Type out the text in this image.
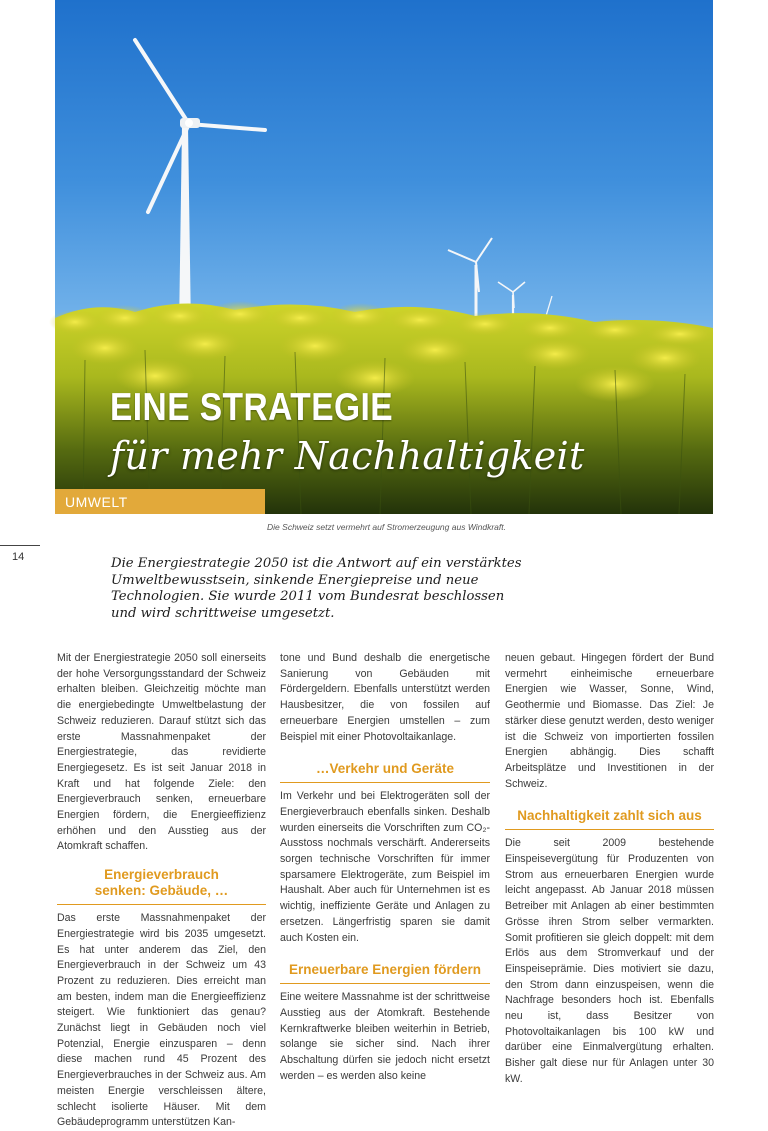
EINE STRATEGIE
für mehr Nachhaltigkeit
UMWELT
Die Schweiz setzt vermehrt auf Stromerzeugung aus Windkraft.
14	Die Energiestrategie 2050 ist die Antwort auf ein verstärktes Umweltbewusstsein, sinkende Energiepreise und neue Technologien. Sie wurde 2011 vom Bundesrat beschlossen und wird schrittweise umgesetzt.

Mit der Energiestrategie 2050 soll einerseits der hohe Versorgungsstandard der Schweiz erhalten bleiben. Gleichzeitig möchte man die energiebedingte Umweltbelastung der Schweiz reduzieren. Darauf stützt sich das erste Massnahmenpaket der Energiestrategie, das revidierte Energiegesetz. Es ist seit Januar 2018 in Kraft und hat folgende Ziele: den Energieverbrauch senken, erneuerbare Energien fördern, die Energieeffizienz erhöhen und den Ausstieg aus der Atomkraft schaffen.

Energieverbrauch senken: Gebäude, …

Das erste Massnahmenpaket der Energiestrategie wird bis 2035 umgesetzt. Es hat unter anderem das Ziel, den Energieverbrauch in der Schweiz um 43 Prozent zu reduzieren. Dies erreicht man am besten, indem man die Energieeffizienz steigert. Wie funktioniert das genau? Zunächst liegt in Gebäuden noch viel Potenzial, Energie einzusparen – denn diese machen rund 45 Prozent des Energieverbrauches in der Schweiz aus. Am meisten Energie verschleissen ältere, schlecht isolierte Häuser. Mit dem Gebäudeprogramm unterstützen Kan-

tone und Bund deshalb die energetische Sanierung von Gebäuden mit Fördergeldern. Ebenfalls unterstützt werden Hausbesitzer, die von fossilen auf erneuerbare Energien umstellen – zum Beispiel mit einer Photovoltaikanlage.

…Verkehr und Geräte

Im Verkehr und bei Elektrogeräten soll der Energieverbrauch ebenfalls sinken. Deshalb wurden einerseits die Vorschriften zum CO₂-Ausstoss nochmals verschärft. Andererseits sorgen technische Vorschriften für immer sparsamere Elektrogeräte, zum Beispiel im Haushalt. Aber auch für Unternehmen ist es wichtig, ineffiziente Geräte und Anlagen zu ersetzen. Längerfristig sparen sie damit auch Kosten ein.

Erneuerbare Energien fördern

Eine weitere Massnahme ist der schrittweise Ausstieg aus der Atomkraft. Bestehende Kernkraftwerke bleiben weiterhin in Betrieb, solange sie sicher sind. Nach ihrer Abschaltung dürfen sie jedoch nicht ersetzt werden – es werden also keine

neuen gebaut. Hingegen fördert der Bund vermehrt einheimische erneuerbare Energien wie Wasser, Sonne, Wind, Geothermie und Biomasse. Das Ziel: Je stärker diese genutzt werden, desto weniger ist die Schweiz von importierten fossilen Energien abhängig. Dies schafft Arbeitsplätze und Investitionen in der Schweiz.

Nachhaltigkeit zahlt sich aus

Die seit 2009 bestehende Einspeisevergütung für Produzenten von Strom aus erneuerbaren Energien wurde leicht angepasst. Ab Januar 2018 müssen Betreiber mit Anlagen ab einer bestimmten Grösse ihren Strom selber vermarkten. Somit profitieren sie gleich doppelt: mit dem Erlös aus dem Stromverkauf und der Einspeiseprämie. Dies motiviert sie dazu, den Strom dann einzuspeisen, wenn die Nachfrage besonders hoch ist. Ebenfalls neu ist, dass Besitzer von Photovoltaikanlagen bis 100 kW und darüber eine Einmalvergütung erhalten. Bisher galt diese nur für Anlagen unter 30 kW.
